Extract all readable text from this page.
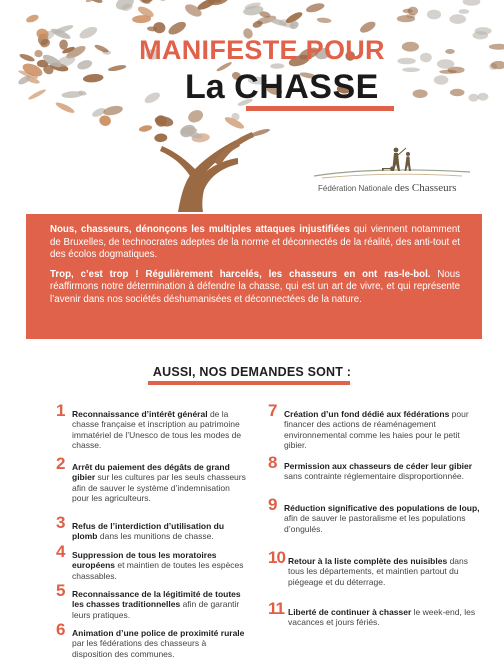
MANIFESTE POUR
La CHASSE
Fédération Nationale des Chasseurs

Nous, chasseurs, dénonçons les multiples attaques injustifiées qui viennent notamment de Bruxelles, de technocrates adeptes de la norme et déconnectés de la réalité, des anti-tout et des écolos dogmatiques.

Trop, c’est trop ! Régulièrement harcelés, les chasseurs en ont ras-le-bol. Nous réaffirmons notre détermination à défendre la chasse, qui est un art de vivre, et qui représente l’avenir dans nos sociétés déshumanisées et déconnectées de la nature.

AUSSI, NOS DEMANDES SONT :
1 Reconnaissance d’intérêt général de la chasse française et inscription au patrimoine immatériel de l’Unesco de tous les modes de chasse.
2 Arrêt du paiement des dégâts de grand gibier sur les cultures par les seuls chasseurs afin de sauver le système d’indemnisation pour les agriculteurs.
3 Refus de l’interdiction d’utilisation du plomb dans les munitions de chasse.
4 Suppression de tous les moratoires européens et maintien de toutes les espèces chassables.
5 Reconnaissance de la légitimité de toutes les chasses traditionnelles afin de garantir leurs pratiques.
6 Animation d’une police de proximité rurale par les fédérations des chasseurs à disposition des communes.
7 Création d’un fond dédié aux fédérations pour financer des actions de réaménagement environnemental comme les haies pour le petit gibier.
8 Permission aux chasseurs de céder leur gibier sans contrainte réglementaire disproportionnée.
9 Réduction significative des populations de loup, afin de sauver le pastoralisme et les populations d’ongulés.
10 Retour à la liste complète des nuisibles dans tous les départements, et maintien partout du piégeage et du déterrage.
11 Liberté de continuer à chasser le week-end, les vacances et jours fériés.
